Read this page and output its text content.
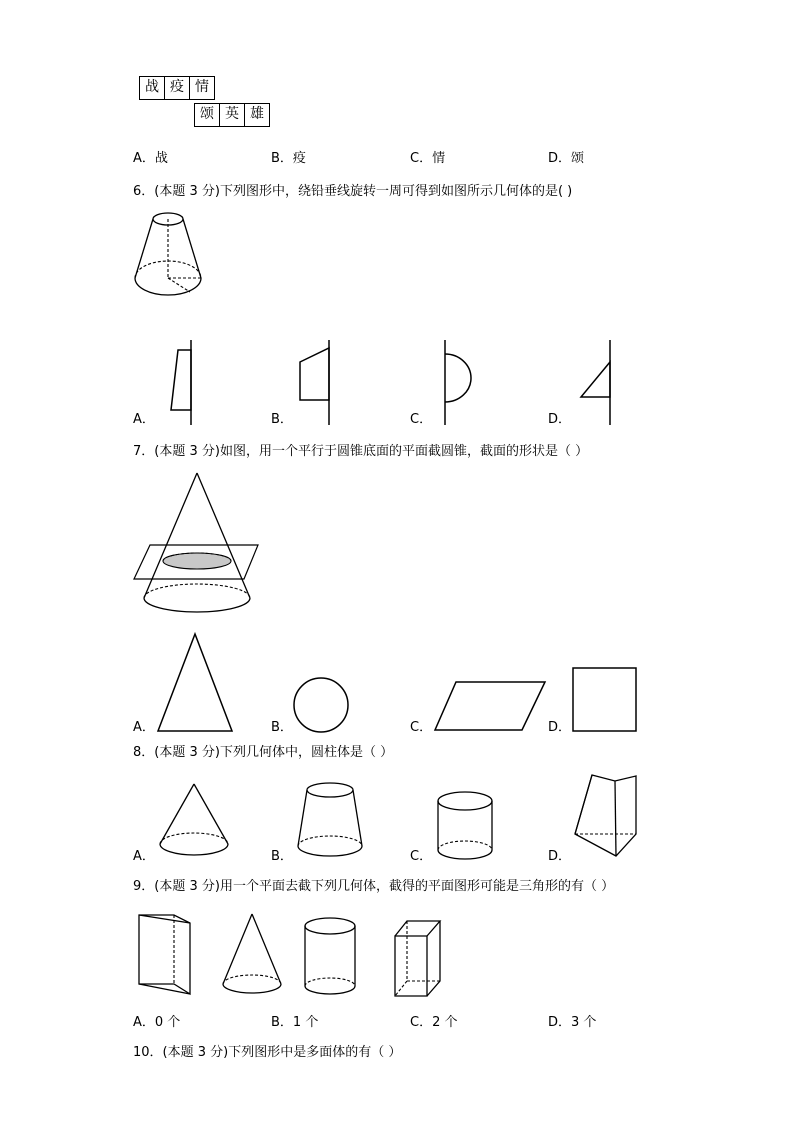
战 疫 情
颂 英 雄
A．战	B．疫	C．情	D．颂
6．(本题 3 分)下列图形中，绕铅垂线旋转一周可得到如图所示几何体的是( )
A．	B．	C．	D．
7．(本题 3 分)如图，用一个平行于圆锥底面的平面截圆锥，截面的形状是（ ）
A．	B．	C．	D．
8．(本题 3 分)下列几何体中，圆柱体是（ ）
A．	B．	C．	D．
9．(本题 3 分)用一个平面去截下列几何体，截得的平面图形可能是三角形的有（ ）
A．0 个	B．1 个	C．2 个	D．3 个
10．(本题 3 分)下列图形中是多面体的有（ ）
